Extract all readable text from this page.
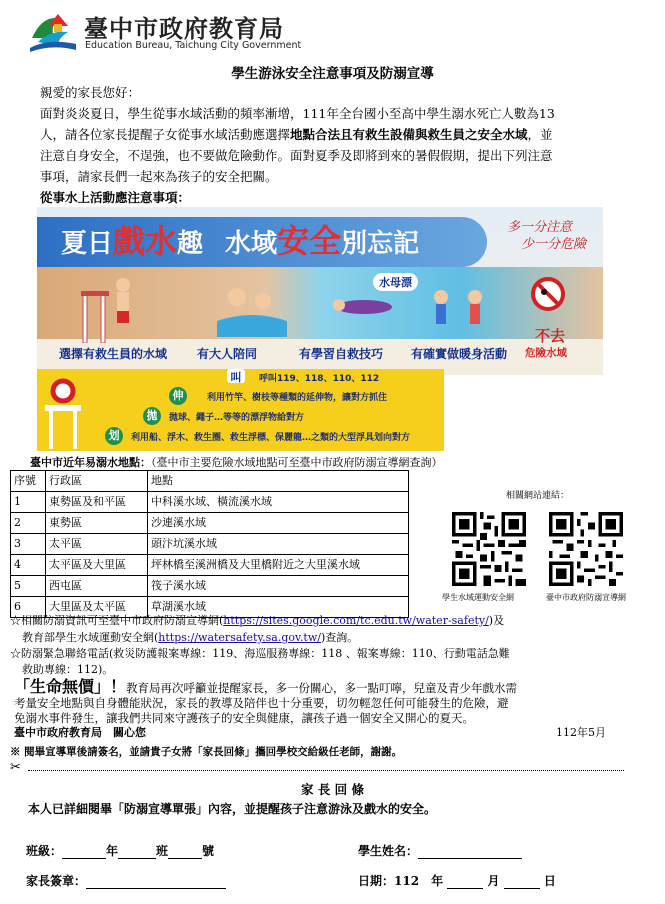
臺中市政府教育局
Education Bureau, Taichung City Government
學生游泳安全注意事項及防溺宣導
親愛的家長您好：
面對炎炎夏日，學生從事水域活動的頻率漸增，111年全台國小至高中學生溺水死亡人數為13
人，請各位家長提醒子女從事水域活動應選擇地點合法且有救生設備與救生員之安全水域，並
注意自身安全，不逞強，也不要做危險動作。面對夏季及即將到來的暑假假期，提出下列注意
事項，請家長們一起來為孩子的安全把關。
從事水上活動應注意事項：
夏日戲水趣 水域安全別忘記
多一分注意
少一分危險
水母漂
不去
危險水域
選擇有救生員的水域 有大人陪同	有學習自救技巧 有確實做暖身活動
叫	呼叫119、118、110、112
伸	利用竹竿、樹枝等種類的延伸物，讓對方抓住
拋	拋球、繩子…等等的漂浮物給對方
划	利用船、浮木、救生圈、救生浮標、保麗龍…之類的大型浮具划向對方
臺中市近年易溺水地點：（臺中市主要危險水域地點可至臺中市政府防溺宣導網查詢）
序號	行政區	地點
1	東勢區及和平區	中科溪水域、橫流溪水域
2	東勢區	沙連溪水域
3	太平區	頭汴坑溪水域
4	太平區及大里區	坪林橋至溪洲橋及大里橋附近之大里溪水域
5	西屯區	筏子溪水域
6	大里區及太平區	草湖溪水域
相關網站連結：
學生水域運動安全網	臺中市政府防溺宣導網
☆相關防溺資訊可至臺中市政府防溺宣導網(https://sites.google.com/tc.edu.tw/water-safety/)及
教育部學生水域運動安全網(https://watersafety.sa.gov.tw/)查詢。
☆防溺緊急聯絡電話(救災防護報案專線：119、海巡服務專線：118 、報案專線：110、行動電話急難
救助專線：112)。
「生命無價」！教育局再次呼籲並提醒家長，多一份關心，多一點叮嚀，兒童及青少年戲水需
考量安全地點與自身體能狀況，家長的教導及陪伴也十分重要，切勿輕忽任何可能發生的危險，避
免溺水事件發生，讓我們共同來守護孩子的安全與健康，讓孩子過一個安全又開心的夏天。
臺中市政府教育局　關心您	112年5月
※ 閱畢宣導單後請簽名，並請貴子女將「家長回條」攜回學校交給級任老師，謝謝。
✂
家 長 回 條
本人已詳細閱畢「防溺宣導單張」內容，並提醒孩子注意游泳及戲水的安全。
班級：	年	班	號	學生姓名：
家長簽章：	日期：112　 年	月	日
